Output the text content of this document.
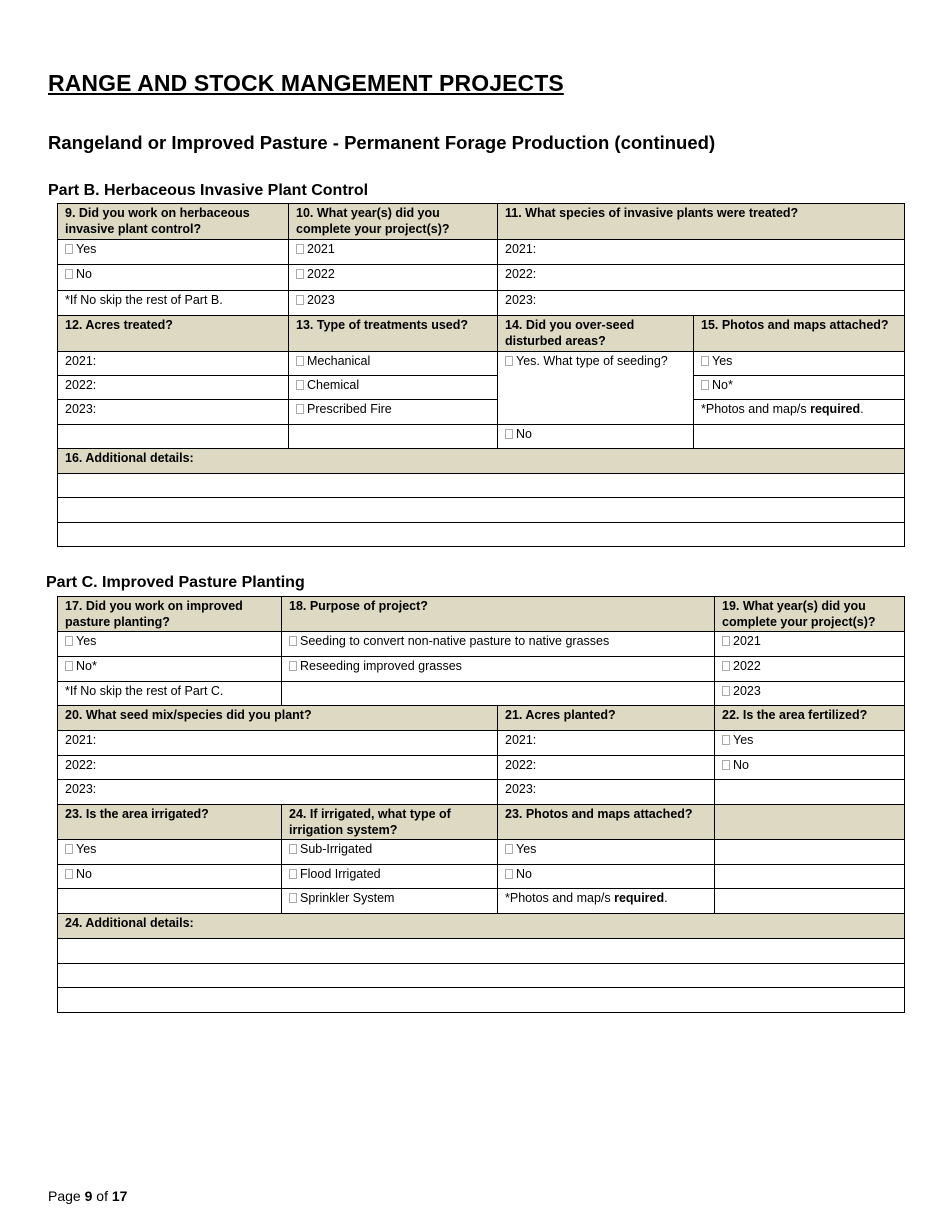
RANGE AND STOCK MANGEMENT PROJECTS
Rangeland or Improved Pasture - Permanent Forage Production (continued)
Part B. Herbaceous Invasive Plant Control
9. Did you work on herbaceous invasive plant control?	10. What year(s) did you complete your project(s)?	11. What species of invasive plants were treated?	
Yes	2021	2021:	
No	2022	2022:	
*If No skip the rest of Part B.	2023	2023:	
12. Acres treated?	13. Type of treatments used?	14. Did you over-seed disturbed areas?	15. Photos and maps attached?
2021:	Mechanical	Yes. What type of seeding?	Yes
2022:	Chemical		No*
2023:	Prescribed Fire		*Photos and map/s required.
		No	
16. Additional details:			

Part C. Improved Pasture Planting
17. Did you work on improved pasture planting?	18. Purpose of project?		19. What year(s) did you complete your project(s)?
Yes	Seeding to convert non-native pasture to native grasses		2021
No*	Reseeding improved grasses		2022
*If No skip the rest of Part C.			2023
20. What seed mix/species did you plant?		21. Acres planted?	22. Is the area fertilized?
2021:		2021:	Yes
2022:		2022:	No
2023:		2023:	
23. Is the area irrigated?	24. If irrigated, what type of irrigation system?	23. Photos and maps attached?	
Yes	Sub-Irrigated	Yes	
No	Flood Irrigated	No	
	Sprinkler System	*Photos and map/s required.	
24. Additional details:			

Page 9 of 17
